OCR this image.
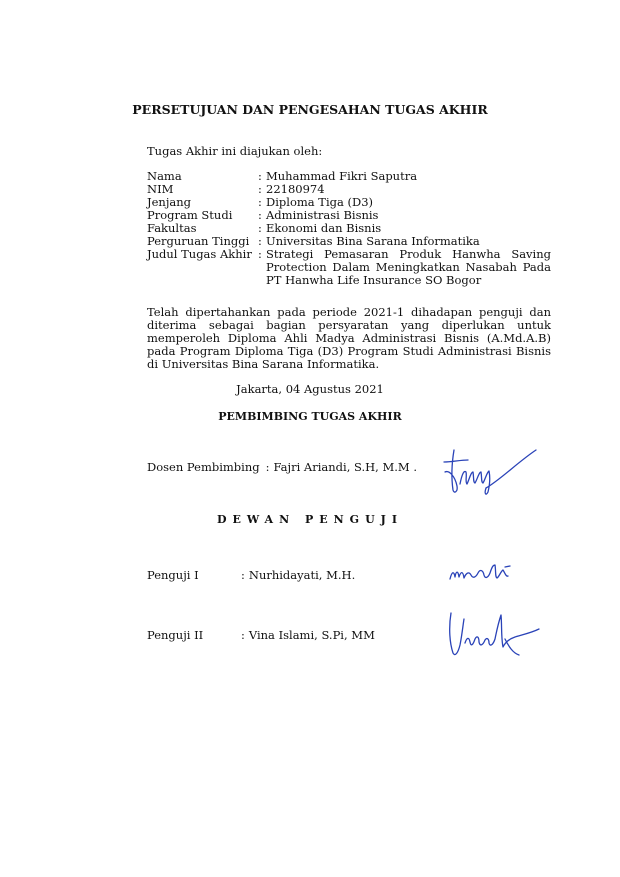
PERSETUJUAN DAN PENGESAHAN TUGAS AKHIR
Tugas Akhir ini diajukan oleh:
Nama	:	Muhammad Fikri Saputra
NIM	:	22180974
Jenjang	:	Diploma Tiga (D3)
Program Studi	:	Administrasi Bisnis
Fakultas	:	Ekonomi dan Bisnis
Perguruan Tinggi	:	Universitas Bina Sarana Informatika
Judul Tugas Akhir	:	Strategi Pemasaran Produk Hanwha Saving Protection Dalam Meningkatkan Nasabah Pada PT Hanwha Life Insurance SO Bogor

Telah dipertahankan pada periode 2021-1 dihadapan penguji dan diterima sebagai bagian persyaratan yang diperlukan untuk memperoleh Diploma Ahli Madya Administrasi Bisnis (A.Md.A.B) pada Program Diploma Tiga (D3) Program Studi Administrasi Bisnis di Universitas Bina Sarana Informatika.

Jakarta, 04 Agustus 2021
PEMBIMBING TUGAS AKHIR
Dosen Pembimbing : Fajri Ariandi, S.H, M.M .
DEWAN PENGUJI
Penguji I	: Nurhidayati, M.H.
Penguji II	: Vina Islami, S.Pi, MM
